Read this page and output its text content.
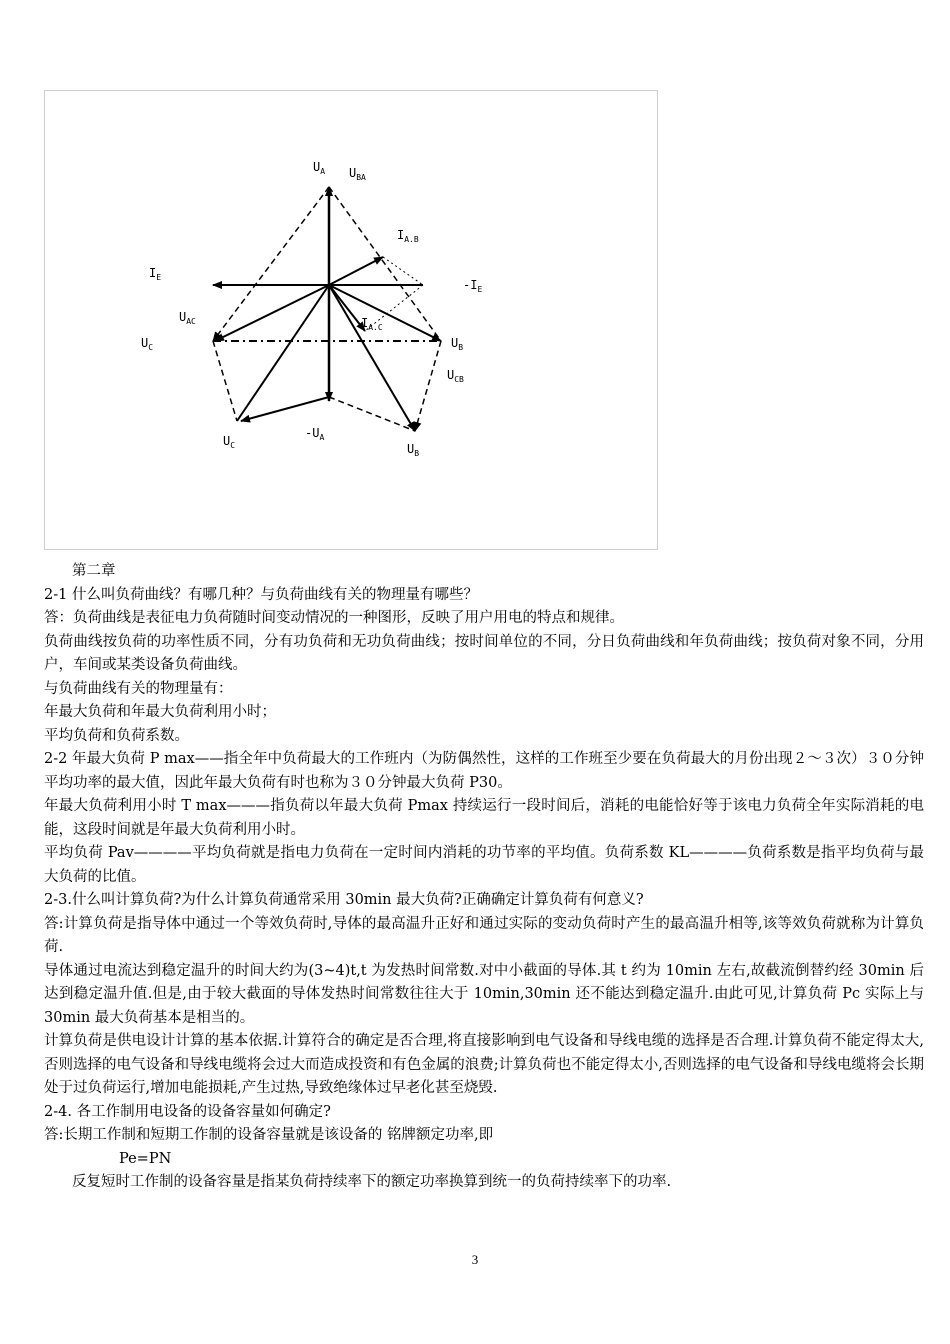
$U_A$ $U_{BA}$
$I_{A.B}$
$I_E$
$-I_E$
$U_{AC}$
$U_C$
$I_{A.C}$
$U_B$
$U_{CB}$
$U_C$
$-U_A$
$U_B$

第二章

2-1 什么叫负荷曲线？有哪几种？与负荷曲线有关的物理量有哪些？

答：负荷曲线是表征电力负荷随时间变动情况的一种图形，反映了用户用电的特点和规律。

负荷曲线按负荷的功率性质不同，分有功负荷和无功负荷曲线；按时间单位的不同，分日负荷曲线和年负荷曲线；按负荷对象不同，分用户，车间或某类设备负荷曲线。

与负荷曲线有关的物理量有：

年最大负荷和年最大负荷利用小时；

平均负荷和负荷系数。

2-2 年最大负荷 P max——指全年中负荷最大的工作班内（为防偶然性，这样的工作班至少要在负荷最大的月份出现２～３次）３０分钟平均功率的最大值，因此年最大负荷有时也称为３０分钟最大负荷 P30。

年最大负荷利用小时 T max———指负荷以年最大负荷 Pmax 持续运行一段时间后，消耗的电能恰好等于该电力负荷全年实际消耗的电能，这段时间就是年最大负荷利用小时。

平均负荷 Pav————平均负荷就是指电力负荷在一定时间内消耗的功节率的平均值。负荷系数 KL————负荷系数是指平均负荷与最大负荷的比值。

2-3.什么叫计算负荷?为什么计算负荷通常采用 30min 最大负荷?正确确定计算负荷有何意义?

答:计算负荷是指导体中通过一个等效负荷时,导体的最高温升正好和通过实际的变动负荷时产生的最高温升相等,该等效负荷就称为计算负荷.

导体通过电流达到稳定温升的时间大约为(3~4)t,t 为发热时间常数.对中小截面的导体.其 t 约为 10min 左右,故截流倒替约经 30min 后达到稳定温升值.但是,由于较大截面的导体发热时间常数往往大于 10min,30min 还不能达到稳定温升.由此可见,计算负荷 Pc 实际上与 30min 最大负荷基本是相当的。

计算负荷是供电设计计算的基本依据.计算符合的确定是否合理,将直接影响到电气设备和导线电缆的选择是否合理.计算负荷不能定得太大,否则选择的电气设备和导线电缆将会过大而造成投资和有色金属的浪费;计算负荷也不能定得太小,否则选择的电气设备和导线电缆将会长期处于过负荷运行,增加电能损耗,产生过热,导致绝缘体过早老化甚至烧毁.

2-4. 各工作制用电设备的设备容量如何确定?

答:长期工作制和短期工作制的设备容量就是该设备的 铭牌额定功率,即

Pe=PN

反复短时工作制的设备容量是指某负荷持续率下的额定功率换算到统一的负荷持续率下的功率.

3
